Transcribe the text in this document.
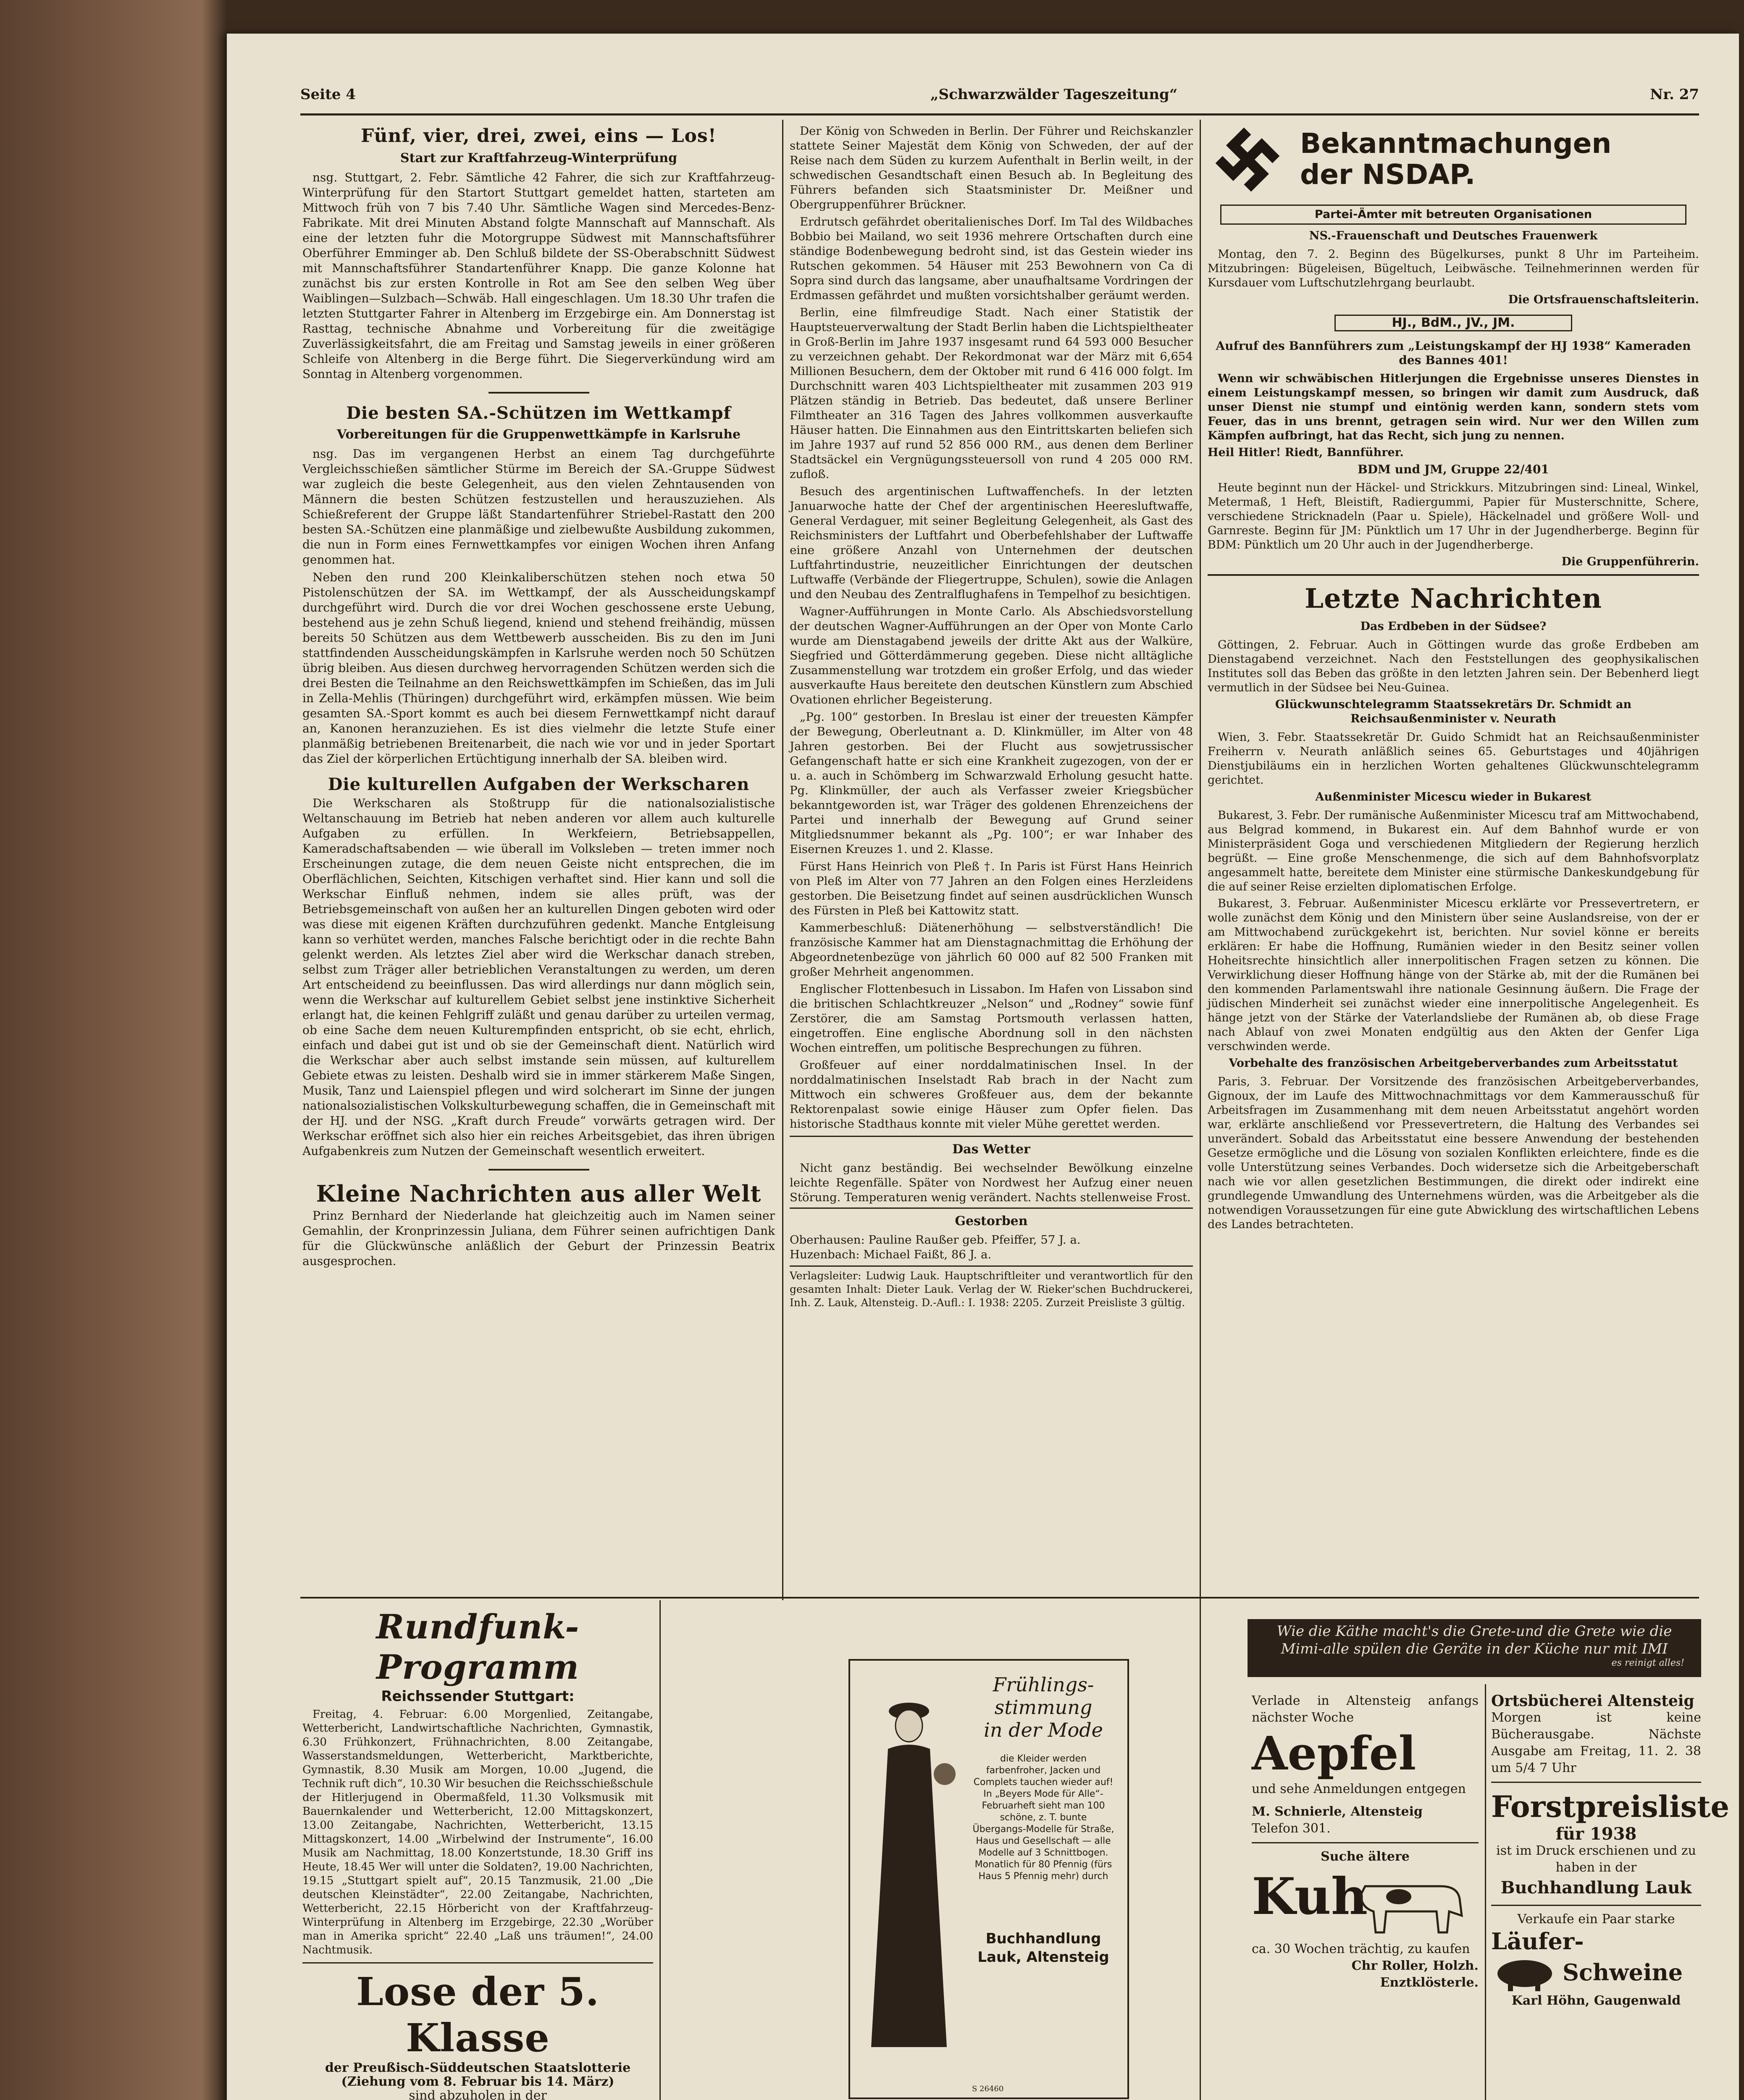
Seite 4	„Schwarzwälder Tageszeitung“	Nr. 27
Fünf, vier, drei, zwei, eins — Los!
Start zur Kraftfahrzeug-Winterprüfung

nsg. Stuttgart, 2. Febr. Sämtliche 42 Fahrer, die sich zur Kraftfahrzeug-Winterprüfung für den Startort Stuttgart gemeldet hatten, starteten am Mittwoch früh von 7 bis 7.40 Uhr. Sämtliche Wagen sind Mercedes-Benz-Fabrikate. Mit drei Minuten Abstand folgte Mannschaft auf Mannschaft. Als eine der letzten fuhr die Motorgruppe Südwest mit Mannschaftsführer Oberführer Emminger ab. Den Schluß bildete der SS-Oberabschnitt Südwest mit Mannschaftsführer Standartenführer Knapp. Die ganze Kolonne hat zunächst bis zur ersten Kontrolle in Rot am See den selben Weg über Waiblingen—Sulzbach—Schwäb. Hall eingeschlagen. Um 18.30 Uhr trafen die letzten Stuttgarter Fahrer in Altenberg im Erzgebirge ein. Am Donnerstag ist Rasttag, technische Abnahme und Vorbereitung für die zweitägige Zuverlässigkeitsfahrt, die am Freitag und Samstag jeweils in einer größeren Schleife von Altenberg in die Berge führt. Die Siegerverkündung wird am Sonntag in Altenberg vorgenommen.

Die besten SA.-Schützen im Wettkampf
Vorbereitungen für die Gruppenwettkämpfe in Karlsruhe

nsg. Das im vergangenen Herbst an einem Tag durchgeführte Vergleichsschießen sämtlicher Stürme im Bereich der SA.-Gruppe Südwest war zugleich die beste Gelegenheit, aus den vielen Zehntausenden von Männern die besten Schützen festzustellen und herauszuziehen. Als Schießreferent der Gruppe läßt Standartenführer Striebel-Rastatt den 200 besten SA.-Schützen eine planmäßige und zielbewußte Ausbildung zukommen, die nun in Form eines Fernwettkampfes vor einigen Wochen ihren Anfang genommen hat.

Neben den rund 200 Kleinkaliberschützen stehen noch etwa 50 Pistolenschützen der SA. im Wettkampf, der als Ausscheidungskampf durchgeführt wird. Durch die vor drei Wochen geschossene erste Uebung, bestehend aus je zehn Schuß liegend, kniend und stehend freihändig, müssen bereits 50 Schützen aus dem Wettbewerb ausscheiden. Bis zu den im Juni stattfindenden Ausscheidungskämpfen in Karlsruhe werden noch 50 Schützen übrig bleiben. Aus diesen durchweg hervorragenden Schützen werden sich die drei Besten die Teilnahme an den Reichswettkämpfen im Schießen, das im Juli in Zella-Mehlis (Thüringen) durchgeführt wird, erkämpfen müssen. Wie beim gesamten SA.-Sport kommt es auch bei diesem Fernwettkampf nicht darauf an, Kanonen heranzuziehen. Es ist dies vielmehr die letzte Stufe einer planmäßig betriebenen Breitenarbeit, die nach wie vor und in jeder Sportart das Ziel der körperlichen Ertüchtigung innerhalb der SA. bleiben wird.

Die kulturellen Aufgaben der Werkscharen

Die Werkscharen als Stoßtrupp für die nationalsozialistische Weltanschauung im Betrieb hat neben anderen vor allem auch kulturelle Aufgaben zu erfüllen. In Werkfeiern, Betriebsappellen, Kameradschaftsabenden — wie überall im Volksleben — treten immer noch Erscheinungen zutage, die dem neuen Geiste nicht entsprechen, die im Oberflächlichen, Seichten, Kitschigen verhaftet sind. Hier kann und soll die Werkschar Einfluß nehmen, indem sie alles prüft, was der Betriebsgemeinschaft von außen her an kulturellen Dingen geboten wird oder was diese mit eigenen Kräften durchzuführen gedenkt. Manche Entgleisung kann so verhütet werden, manches Falsche berichtigt oder in die rechte Bahn gelenkt werden. Als letztes Ziel aber wird die Werkschar danach streben, selbst zum Träger aller betrieblichen Veranstaltungen zu werden, um deren Art entscheidend zu beeinflussen. Das wird allerdings nur dann möglich sein, wenn die Werkschar auf kulturellem Gebiet selbst jene instinktive Sicherheit erlangt hat, die keinen Fehlgriff zuläßt und genau darüber zu urteilen vermag, ob eine Sache dem neuen Kulturempfinden entspricht, ob sie echt, ehrlich, einfach und dabei gut ist und ob sie der Gemeinschaft dient. Natürlich wird die Werkschar aber auch selbst imstande sein müssen, auf kulturellem Gebiete etwas zu leisten. Deshalb wird sie in immer stärkerem Maße Singen, Musik, Tanz und Laienspiel pflegen und wird solcherart im Sinne der jungen nationalsozialistischen Volkskulturbewegung schaffen, die in Gemeinschaft mit der HJ. und der NSG. „Kraft durch Freude“ vorwärts getragen wird. Der Werkschar eröffnet sich also hier ein reiches Arbeitsgebiet, das ihren übrigen Aufgabenkreis zum Nutzen der Gemeinschaft wesentlich erweitert.

Kleine Nachrichten aus aller Welt

Prinz Bernhard der Niederlande hat gleichzeitig auch im Namen seiner Gemahlin, der Kronprinzessin Juliana, dem Führer seinen aufrichtigen Dank für die Glückwünsche anläßlich der Geburt der Prinzessin Beatrix ausgesprochen.

Der König von Schweden in Berlin. Der Führer und Reichskanzler stattete Seiner Majestät dem König von Schweden, der auf der Reise nach dem Süden zu kurzem Aufenthalt in Berlin weilt, in der schwedischen Gesandtschaft einen Besuch ab. In Begleitung des Führers befanden sich Staatsminister Dr. Meißner und Obergruppenführer Brückner.

Erdrutsch gefährdet oberitalienisches Dorf. Im Tal des Wildbaches Bobbio bei Mailand, wo seit 1936 mehrere Ortschaften durch eine ständige Bodenbewegung bedroht sind, ist das Gestein wieder ins Rutschen gekommen. 54 Häuser mit 253 Bewohnern von Ca di Sopra sind durch das langsame, aber unaufhaltsame Vordringen der Erdmassen gefährdet und mußten vorsichtshalber geräumt werden.

Berlin, eine filmfreudige Stadt. Nach einer Statistik der Hauptsteuerverwaltung der Stadt Berlin haben die Lichtspieltheater in Groß-Berlin im Jahre 1937 insgesamt rund 64 593 000 Besucher zu verzeichnen gehabt. Der Rekordmonat war der März mit 6,654 Millionen Besuchern, dem der Oktober mit rund 6 416 000 folgt. Im Durchschnitt waren 403 Lichtspieltheater mit zusammen 203 919 Plätzen ständig in Betrieb. Das bedeutet, daß unsere Berliner Filmtheater an 316 Tagen des Jahres vollkommen ausverkaufte Häuser hatten. Die Einnahmen aus den Eintrittskarten beliefen sich im Jahre 1937 auf rund 52 856 000 RM., aus denen dem Berliner Stadtsäckel ein Vergnügungssteuersoll von rund 4 205 000 RM. zufloß.

Besuch des argentinischen Luftwaffenchefs. In der letzten Januarwoche hatte der Chef der argentinischen Heeresluftwaffe, General Verdaguer, mit seiner Begleitung Gelegenheit, als Gast des Reichsministers der Luftfahrt und Oberbefehlshaber der Luftwaffe eine größere Anzahl von Unternehmen der deutschen Luftfahrtindustrie, neuzeitlicher Einrichtungen der deutschen Luftwaffe (Verbände der Fliegertruppe, Schulen), sowie die Anlagen und den Neubau des Zentralflughafens in Tempelhof zu besichtigen.

Wagner-Aufführungen in Monte Carlo. Als Abschiedsvorstellung der deutschen Wagner-Aufführungen an der Oper von Monte Carlo wurde am Dienstagabend jeweils der dritte Akt aus der Walküre, Siegfried und Götterdämmerung gegeben. Diese nicht alltägliche Zusammenstellung war trotzdem ein großer Erfolg, und das wieder ausverkaufte Haus bereitete den deutschen Künstlern zum Abschied Ovationen ehrlicher Begeisterung.

„Pg. 100“ gestorben. In Breslau ist einer der treuesten Kämpfer der Bewegung, Oberleutnant a. D. Klinkmüller, im Alter von 48 Jahren gestorben. Bei der Flucht aus sowjetrussischer Gefangenschaft hatte er sich eine Krankheit zugezogen, von der er u. a. auch in Schömberg im Schwarzwald Erholung gesucht hatte. Pg. Klinkmüller, der auch als Verfasser zweier Kriegsbücher bekanntgeworden ist, war Träger des goldenen Ehrenzeichens der Partei und innerhalb der Bewegung auf Grund seiner Mitgliedsnummer bekannt als „Pg. 100“; er war Inhaber des Eisernen Kreuzes 1. und 2. Klasse.

Fürst Hans Heinrich von Pleß †. In Paris ist Fürst Hans Heinrich von Pleß im Alter von 77 Jahren an den Folgen eines Herzleidens gestorben. Die Beisetzung findet auf seinen ausdrücklichen Wunsch des Fürsten in Pleß bei Kattowitz statt.

Kammerbeschluß: Diätenerhöhung — selbstverständlich! Die französische Kammer hat am Dienstagnachmittag die Erhöhung der Abgeordnetenbezüge von jährlich 60 000 auf 82 500 Franken mit großer Mehrheit angenommen.

Englischer Flottenbesuch in Lissabon. Im Hafen von Lissabon sind die britischen Schlachtkreuzer „Nelson“ und „Rodney“ sowie fünf Zerstörer, die am Samstag Portsmouth verlassen hatten, eingetroffen. Eine englische Abordnung soll in den nächsten Wochen eintreffen, um politische Besprechungen zu führen.

Großfeuer auf einer norddalmatinischen Insel. In der norddalmatinischen Inselstadt Rab brach in der Nacht zum Mittwoch ein schweres Großfeuer aus, dem der bekannte Rektorenpalast sowie einige Häuser zum Opfer fielen. Das historische Stadthaus konnte mit vieler Mühe gerettet werden.

Das Wetter

Nicht ganz beständig. Bei wechselnder Bewölkung einzelne leichte Regenfälle. Später von Nordwest her Aufzug einer neuen Störung. Temperaturen wenig verändert. Nachts stellenweise Frost.

Gestorben
Oberhausen: Pauline Raußer geb. Pfeiffer, 57 J. a.
Huzenbach: Michael Faißt, 86 J. a.
Verlagsleiter: Ludwig Lauk. Hauptschriftleiter und verantwortlich für den gesamten Inhalt: Dieter Lauk. Verlag der W. Rieker'schen Buchdruckerei, Inh. Z. Lauk, Altensteig. D.-Aufl.: I. 1938: 2205. Zurzeit Preisliste 3 gültig.
Bekanntmachungen
der NSDAP.
Partei-Ämter mit betreuten Organisationen
NS.-Frauenschaft und Deutsches Frauenwerk

Montag, den 7. 2. Beginn des Bügelkurses, punkt 8 Uhr im Parteiheim. Mitzubringen: Bügeleisen, Bügeltuch, Leibwäsche. Teilnehmerinnen werden für Kursdauer vom Luftschutzlehrgang beurlaubt.

Die Ortsfrauenschaftsleiterin.
HJ., BdM., JV., JM.
Aufruf des Bannführers zum „Leistungskampf der HJ 1938“ Kameraden des Bannes 401!

Wenn wir schwäbischen Hitlerjungen die Ergebnisse unseres Dienstes in einem Leistungskampf messen, so bringen wir damit zum Ausdruck, daß unser Dienst nie stumpf und eintönig werden kann, sondern stets vom Feuer, das in uns brennt, getragen sein wird. Nur wer den Willen zum Kämpfen aufbringt, hat das Recht, sich jung zu nennen.

Heil Hitler! Riedt, Bannführer.
BDM und JM, Gruppe 22/401

Heute beginnt nun der Häckel- und Strickkurs. Mitzubringen sind: Lineal, Winkel, Metermaß, 1 Heft, Bleistift, Radiergummi, Papier für Musterschnitte, Schere, verschiedene Stricknadeln (Paar u. Spiele), Häckelnadel und größere Woll- und Garnreste. Beginn für JM: Pünktlich um 17 Uhr in der Jugendherberge. Beginn für BDM: Pünktlich um 20 Uhr auch in der Jugendherberge.

Die Gruppenführerin.
Letzte Nachrichten
Das Erdbeben in der Südsee?

Göttingen, 2. Februar. Auch in Göttingen wurde das große Erdbeben am Dienstagabend verzeichnet. Nach den Feststellungen des geophysikalischen Institutes soll das Beben das größte in den letzten Jahren sein. Der Bebenherd liegt vermutlich in der Südsee bei Neu-Guinea.

Glückwunschtelegramm Staatssekretärs Dr. Schmidt an Reichsaußenminister v. Neurath

Wien, 3. Febr. Staatssekretär Dr. Guido Schmidt hat an Reichsaußenminister Freiherrn v. Neurath anläßlich seines 65. Geburtstages und 40jährigen Dienstjubiläums ein in herzlichen Worten gehaltenes Glückwunschtelegramm gerichtet.

Außenminister Micescu wieder in Bukarest

Bukarest, 3. Febr. Der rumänische Außenminister Micescu traf am Mittwochabend, aus Belgrad kommend, in Bukarest ein. Auf dem Bahnhof wurde er von Ministerpräsident Goga und verschiedenen Mitgliedern der Regierung herzlich begrüßt. — Eine große Menschenmenge, die sich auf dem Bahnhofsvorplatz angesammelt hatte, bereitete dem Minister eine stürmische Dankeskundgebung für die auf seiner Reise erzielten diplomatischen Erfolge.

Bukarest, 3. Februar. Außenminister Micescu erklärte vor Pressevertretern, er wolle zunächst dem König und den Ministern über seine Auslandsreise, von der er am Mittwochabend zurückgekehrt ist, berichten. Nur soviel könne er bereits erklären: Er habe die Hoffnung, Rumänien wieder in den Besitz seiner vollen Hoheitsrechte hinsichtlich aller innerpolitischen Fragen setzen zu können. Die Verwirklichung dieser Hoffnung hänge von der Stärke ab, mit der die Rumänen bei den kommenden Parlamentswahl ihre nationale Gesinnung äußern. Die Frage der jüdischen Minderheit sei zunächst wieder eine innerpolitische Angelegenheit. Es hänge jetzt von der Stärke der Vaterlandsliebe der Rumänen ab, ob diese Frage nach Ablauf von zwei Monaten endgültig aus den Akten der Genfer Liga verschwinden werde.

Vorbehalte des französischen Arbeitgeberverbandes zum Arbeitsstatut

Paris, 3. Februar. Der Vorsitzende des französischen Arbeitgeberverbandes, Gignoux, der im Laufe des Mittwochnachmittags vor dem Kammerausschuß für Arbeitsfragen im Zusammenhang mit dem neuen Arbeitsstatut angehört worden war, erklärte anschließend vor Pressevertretern, die Haltung des Verbandes sei unverändert. Sobald das Arbeitsstatut eine bessere Anwendung der bestehenden Gesetze ermögliche und die Lösung von sozialen Konflikten erleichtere, finde es die volle Unterstützung seines Verbandes. Doch widersetze sich die Arbeitgeberschaft nach wie vor allen gesetzlichen Bestimmungen, die direkt oder indirekt eine grundlegende Umwandlung des Unternehmens würden, was die Arbeitgeber als die notwendigen Voraussetzungen für eine gute Abwicklung des wirtschaftlichen Lebens des Landes betrachteten.

Rundfunk-Programm
Reichssender Stuttgart:

Freitag, 4. Februar: 6.00 Morgenlied, Zeitangabe, Wetterbericht, Landwirtschaftliche Nachrichten, Gymnastik, 6.30 Frühkonzert, Frühnachrichten, 8.00 Zeitangabe, Wasserstandsmeldungen, Wetterbericht, Marktberichte, Gymnastik, 8.30 Musik am Morgen, 10.00 „Jugend, die Technik ruft dich“, 10.30 Wir besuchen die Reichsschießschule der Hitlerjugend in Obermaßfeld, 11.30 Volksmusik mit Bauernkalender und Wetterbericht, 12.00 Mittagskonzert, 13.00 Zeitangabe, Nachrichten, Wetterbericht, 13.15 Mittagskonzert, 14.00 „Wirbelwind der Instrumente“, 16.00 Musik am Nachmittag, 18.00 Konzertstunde, 18.30 Griff ins Heute, 18.45 Wer will unter die Soldaten?, 19.00 Nachrichten, 19.15 „Stuttgart spielt auf“, 20.15 Tanzmusik, 21.00 „Die deutschen Kleinstädter“, 22.00 Zeitangabe, Nachrichten, Wetterbericht, 22.15 Hörbericht von der Kraftfahrzeug-Winterprüfung in Altenberg im Erzgebirge, 22.30 „Worüber man in Amerika spricht“ 22.40 „Laß uns träumen!“, 24.00 Nachtmusik.

Lose der 5. Klasse
der Preußisch-Süddeutschen Staatslotterie
(Ziehung vom 8. Februar bis 14. März)
sind abzuholen in der
Frühlings-
stimmung
in der Mode
die Kleider werden farbenfroher, Jacken und Complets tauchen wieder auf! In „Beyers Mode für Alle“-Februarheft sieht man 100 schöne, z. T. bunte Übergangs-Modelle für Straße, Haus und Gesellschaft — alle Modelle auf 3 Schnittbogen. Monatlich für 80 Pfennig (fürs Haus 5 Pfennig mehr) durch
Buchhandlung
Lauk, Altensteig
S 26460
Wie die Käthe macht's die Grete-und die Grete wie die
Mimi-alle spülen die Geräte in der Küche nur mit IMI
es reinigt alles!
Verlade in Altensteig anfangs nächster Woche
Aepfel
und sehe Anmeldungen entgegen
M. Schnierle, Altensteig
Telefon 301.
Suche ältere
Kuh
ca. 30 Wochen trächtig, zu kaufen
Chr Roller, Holzh. Enztklösterle.
Ortsbücherei Altensteig
Morgen ist keine Bücherausgabe. Nächste Ausgabe am Freitag, 11. 2. 38 um 5/4 7 Uhr
Forstpreisliste
für 1938
ist im Druck erschienen und zu haben in der
Buchhandlung Lauk
Verkaufe ein Paar starke
Läufer-
Schweine
Karl Höhn, Gaugenwald
